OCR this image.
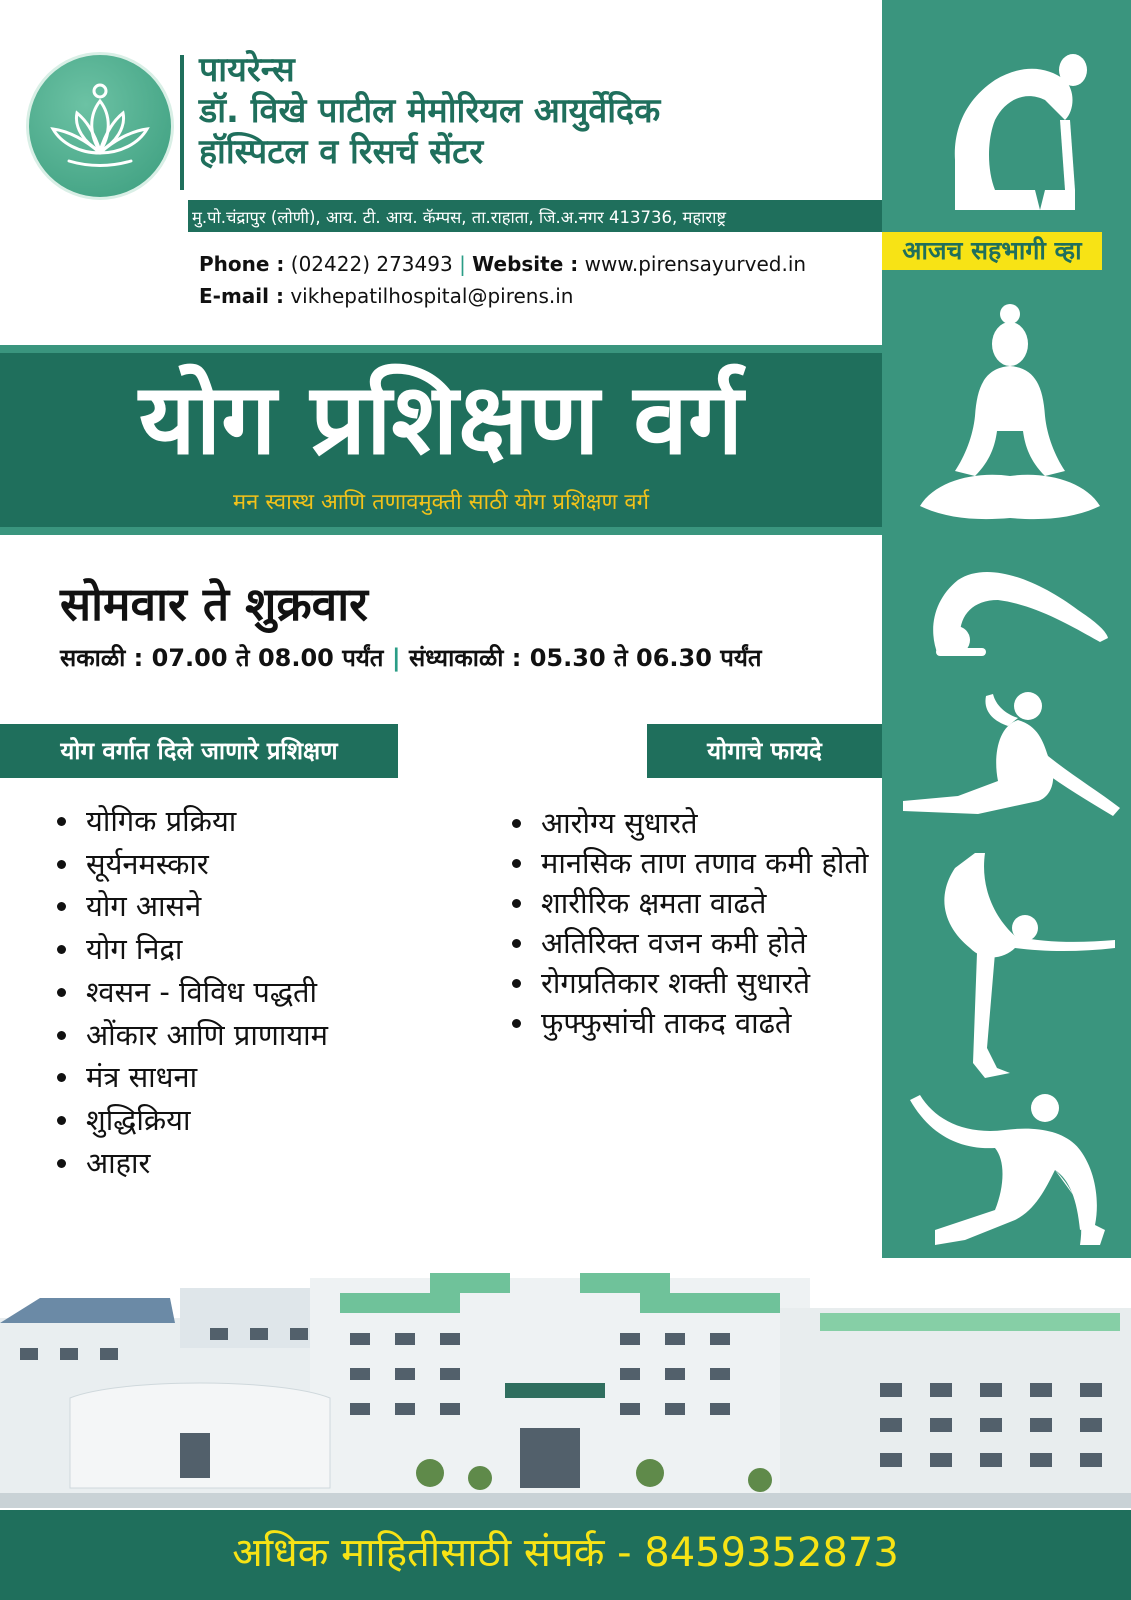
पायरेन्स
डॉ. विखे पाटील मेमोरियल आयुर्वेदिक
हॉस्पिटल व रिसर्च सेंटर
मु.पो.चंद्रापुर (लोणी), आय. टी. आय. कॅम्पस, ता.राहाता, जि.अ.नगर 413736, महाराष्ट्र
Phone : (02422) 273493 | Website : www.pirensayurved.in
E-mail : vikhepatilhospital@pirens.in
आजच सहभागी व्हा
योग प्रशिक्षण वर्ग
मन स्वास्थ आणि तणावमुक्ती साठी योग प्रशिक्षण वर्ग
सोमवार ते शुक्रवार
सकाळी : 07.00 ते 08.00 पर्यंत | संध्याकाळी : 05.30 ते 06.30 पर्यंत
योग वर्गात दिले जाणारे प्रशिक्षण	योगाचे फायदे
• योगिक प्रक्रिया
• सूर्यनमस्कार
• योग आसने
• योग निद्रा
• श्वसन - विविध पद्धती
• ओंकार आणि प्राणायाम
• मंत्र साधना
• शुद्धिक्रिया
• आहार
• आरोग्य सुधारते
• मानसिक ताण तणाव कमी होतो
• शारीरिक क्षमता वाढते
• अतिरिक्त वजन कमी होते
• रोगप्रतिकार शक्ती सुधारते
• फुफ्फुसांची ताकद वाढते
अधिक माहितीसाठी संपर्क - 8459352873
